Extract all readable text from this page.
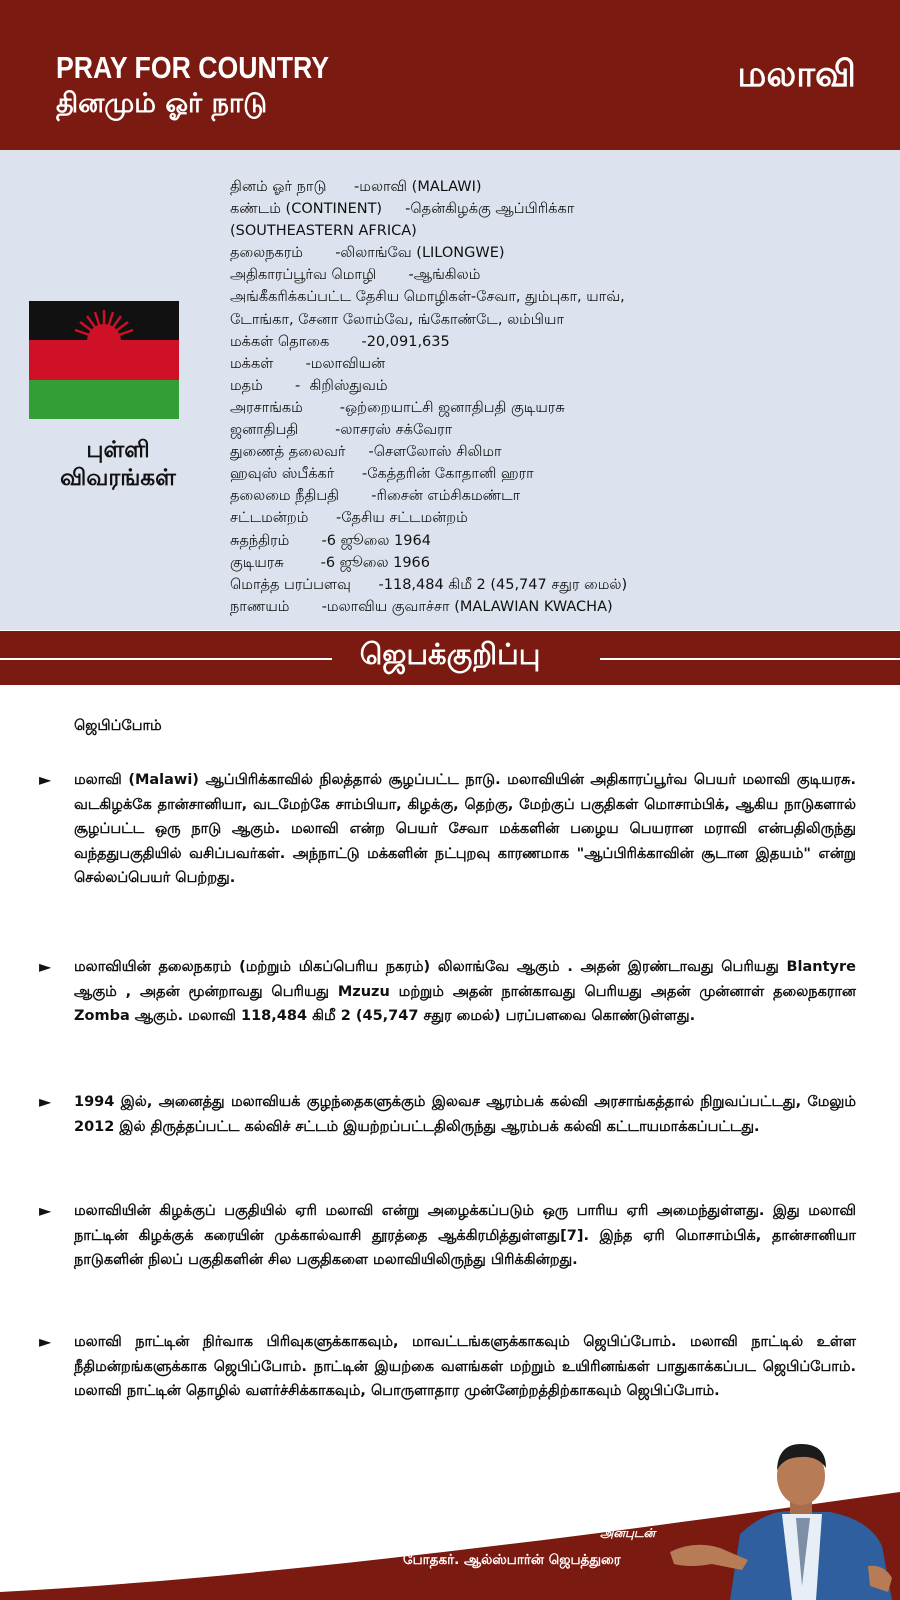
PRAY FOR COUNTRY
தினமும் ஓர் நாடு
மலாவி
புள்ளி
விவரங்கள்
தினம் ஓர் நாடு      -மலாவி (MALAWI)
கண்டம் (CONTINENT)     -தென்கிழக்கு ஆப்பிரிக்கா
(SOUTHEASTERN AFRICA)
தலைநகரம்       -லிலாங்வே (LILONGWE)
அதிகாரப்பூர்வ மொழி       -ஆங்கிலம்
அங்கீகரிக்கப்பட்ட தேசிய மொழிகள்-சேவா, தும்புகா, யாவ்,
டோங்கா, சேனா லோம்வே, ங்கோண்டே, லம்பியா
மக்கள் தொகை       -20,091,635
மக்கள்       -மலாவியன்
மதம்       -  கிறிஸ்துவம்
அரசாங்கம்        -ஒற்றையாட்சி ஜனாதிபதி குடியரசு
ஜனாதிபதி        -லாசரஸ் சக்வேரா
துணைத் தலைவர்     -சௌலோஸ் சிலிமா
ஹவுஸ் ஸ்பீக்கர்      -கேத்தரின் கோதானி ஹரா
தலைமை நீதிபதி       -ரிசைன் எம்சிகமண்டா
சட்டமன்றம்      -தேசிய சட்டமன்றம்
சுதந்திரம்       -6 ஜூலை 1964
குடியரசு        -6 ஜூலை 1966
மொத்த பரப்பளவு      -118,484 கிமீ 2 (45,747 சதுர மைல்)
நாணயம்       -மலாவிய குவாச்சா (MALAWIAN KWACHA)
ஜெபக்குறிப்பு
ஜெபிப்போம்
► மலாவி (Malawi) ஆப்பிரிக்காவில் நிலத்தால் சூழப்பட்ட நாடு. மலாவியின் அதிகாரப்பூர்வ பெயர் மலாவி குடியரசு. வடகிழக்கே தான்சானியா, வடமேற்கே சாம்பியா, கிழக்கு, தெற்கு, மேற்குப் பகுதிகள் மொசாம்பிக், ஆகிய நாடுகளால் சூழப்பட்ட ஒரு நாடு ஆகும். மலாவி என்ற பெயர் சேவா மக்களின் பழைய பெயரான மராவி என்பதிலிருந்து வந்ததுபகுதியில் வசிப்பவர்கள். அந்நாட்டு மக்களின் நட்புறவு காரணமாக "ஆப்பிரிக்காவின் சூடான இதயம்" என்று செல்லப்பெயர் பெற்றது.
► மலாவியின் தலைநகரம் (மற்றும் மிகப்பெரிய நகரம்) லிலாங்வே ஆகும் . அதன் இரண்டாவது பெரியது Blantyre ஆகும் , அதன் மூன்றாவது பெரியது Mzuzu மற்றும் அதன் நான்காவது பெரியது அதன் முன்னாள் தலைநகரான Zomba ஆகும். மலாவி 118,484 கிமீ 2 (45,747 சதுர மைல்) பரப்பளவை கொண்டுள்ளது.
► 1994 இல், அனைத்து மலாவியக் குழந்தைகளுக்கும் இலவச ஆரம்பக் கல்வி அரசாங்கத்தால் நிறுவப்பட்டது, மேலும் 2012 இல் திருத்தப்பட்ட கல்விச் சட்டம் இயற்றப்பட்டதிலிருந்து ஆரம்பக் கல்வி கட்டாயமாக்கப்பட்டது.
► மலாவியின் கிழக்குப் பகுதியில் ஏரி மலாவி என்று அழைக்கப்படும் ஒரு பாரிய ஏரி அமைந்துள்ளது. இது மலாவி நாட்டின் கிழக்குக் கரையின் முக்கால்வாசி தூரத்தை ஆக்கிரமித்துள்ளது[7]. இந்த ஏரி மொசாம்பிக், தான்சானியா நாடுகளின் நிலப் பகுதிகளின் சில பகுதிகளை மலாவியிலிருந்து பிரிக்கின்றது.
► மலாவி நாட்டின் நிர்வாக பிரிவுகளுக்காகவும், மாவட்டங்களுக்காகவும் ஜெபிப்போம். மலாவி நாட்டில் உள்ள நீதிமன்றங்களுக்காக ஜெபிப்போம். நாட்டின் இயற்கை வளங்கள் மற்றும் உயிரினங்கள் பாதுகாக்கப்பட ஜெபிப்போம். மலாவி நாட்டின் தொழில் வளர்ச்சிக்காகவும், பொருளாதார முன்னேற்றத்திற்காகவும் ஜெபிப்போம்.
அன்புடன்
போதகர். ஆல்ஸ்பார்ன் ஜெபத்துரை
